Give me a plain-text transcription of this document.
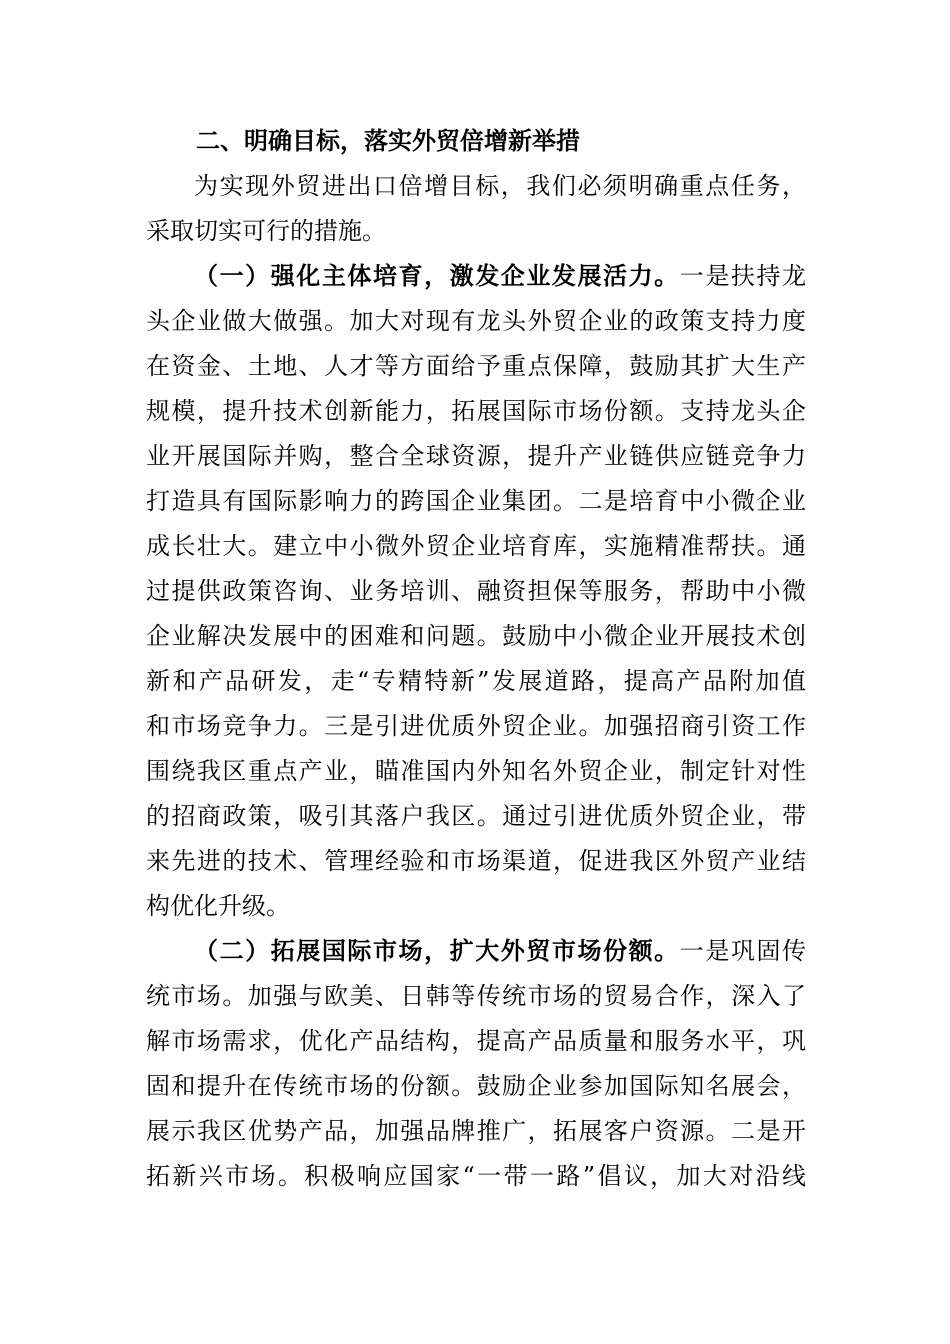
二、明确目标，落实外贸倍增新举措
为实现外贸进出口倍增目标，我们必须明确重点任务，
采取切实可行的措施。
（一）强化主体培育，激发企业发展活力。一是扶持龙
头企业做大做强。加大对现有龙头外贸企业的政策支持力度
在资金、土地、人才等方面给予重点保障，鼓励其扩大生产
规模，提升技术创新能力，拓展国际市场份额。支持龙头企
业开展国际并购，整合全球资源，提升产业链供应链竞争力
打造具有国际影响力的跨国企业集团。二是培育中小微企业
成长壮大。建立中小微外贸企业培育库，实施精准帮扶。通
过提供政策咨询、业务培训、融资担保等服务，帮助中小微
企业解决发展中的困难和问题。鼓励中小微企业开展技术创
新和产品研发，走“专精特新”发展道路，提高产品附加值
和市场竞争力。三是引进优质外贸企业。加强招商引资工作
围绕我区重点产业，瞄准国内外知名外贸企业，制定针对性
的招商政策，吸引其落户我区。通过引进优质外贸企业，带
来先进的技术、管理经验和市场渠道，促进我区外贸产业结
构优化升级。
（二）拓展国际市场，扩大外贸市场份额。一是巩固传
统市场。加强与欧美、日韩等传统市场的贸易合作，深入了
解市场需求，优化产品结构，提高产品质量和服务水平，巩
固和提升在传统市场的份额。鼓励企业参加国际知名展会，
展示我区优势产品，加强品牌推广，拓展客户资源。二是开
拓新兴市场。积极响应国家“一带一路”倡议，加大对沿线
